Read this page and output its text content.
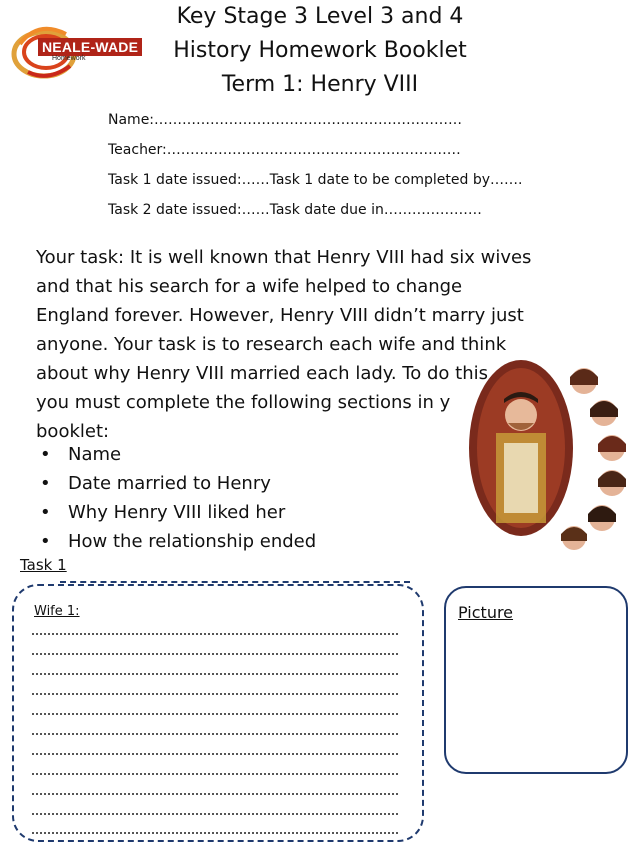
NEALE-WADE
Homework
Key Stage 3 Level 3 and 4
History Homework Booklet
Term 1: Henry VIII
Name:…………………………………………………………
Teacher:………………………………………………………
Task 1 date issued:……Task 1 date to be completed by…….
Task 2 date issued:……Task date due in…………………
Your task: It is well known that Henry VIII had six wives
and that his search for a wife helped to change
England forever. However, Henry VIII didn’t marry just
anyone. Your task is to research each wife and think
about why Henry VIII married each lady. To do this
you must complete the following sections in y
booklet:
• Name
• Date married to Henry
• Why Henry VIII liked her
• How the relationship ended
Task 1
Wife 1:	Picture
